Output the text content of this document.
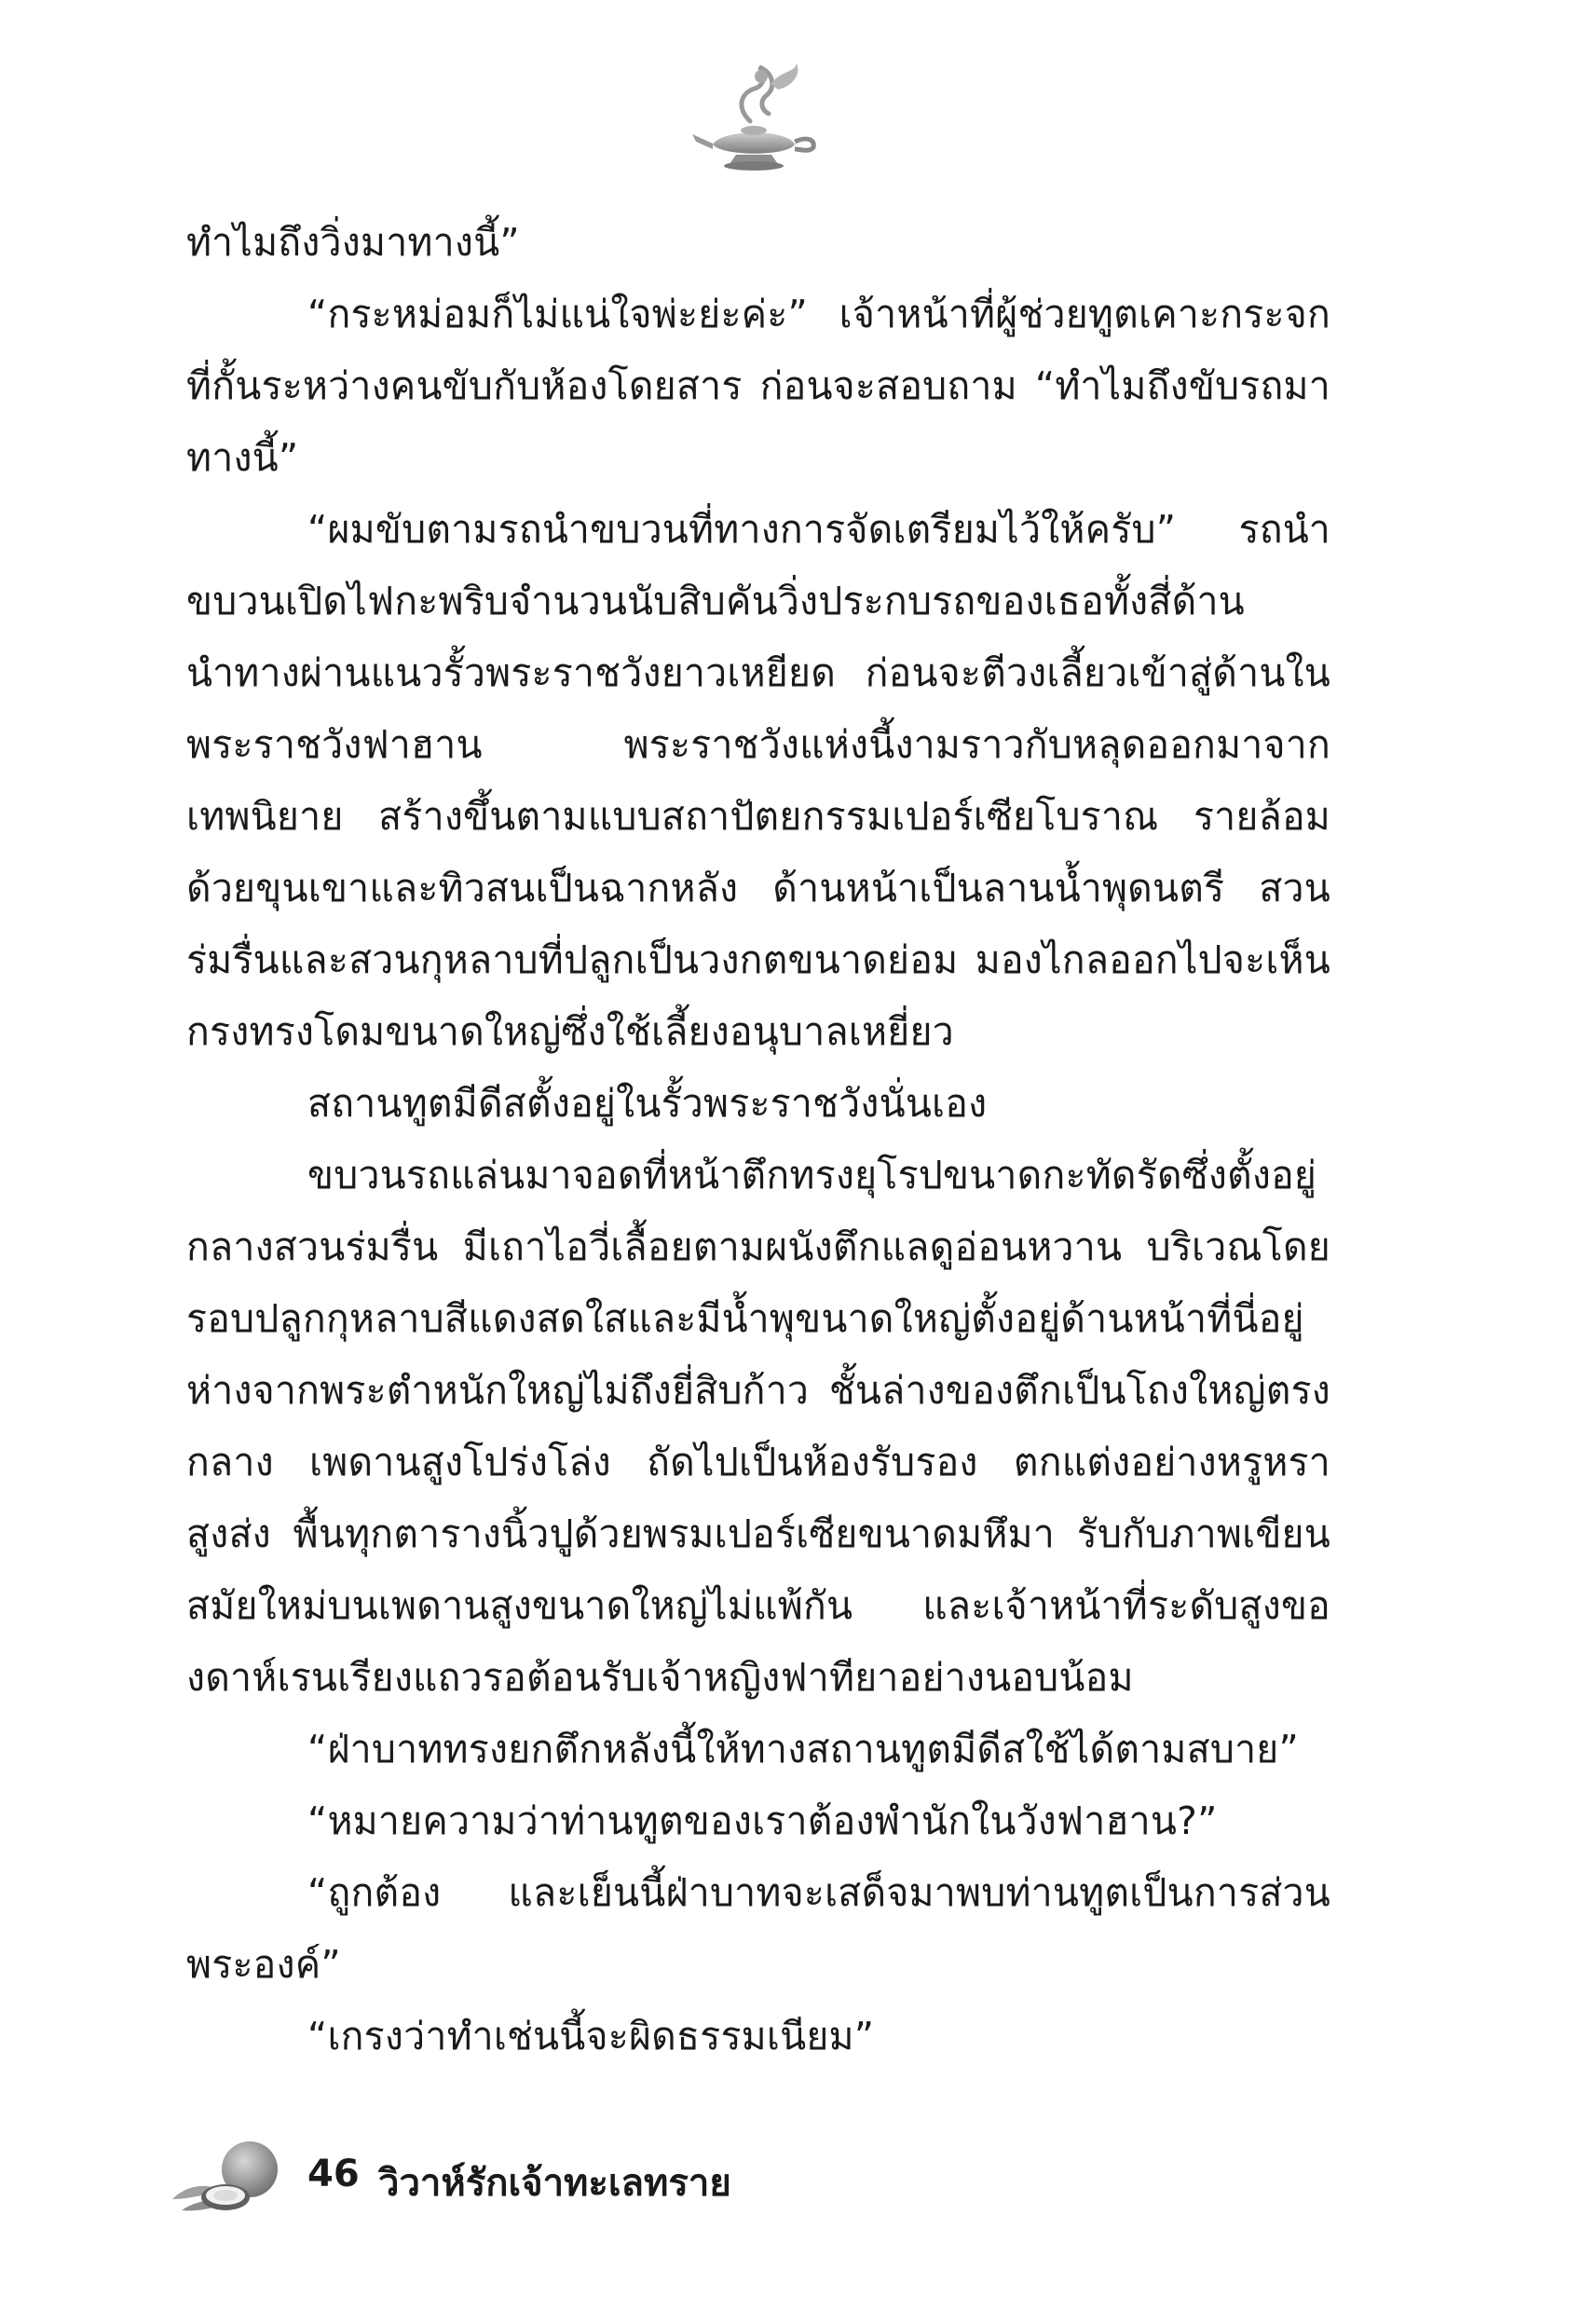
ทำไมถึงวิ่งมาทางนี้”

“กระหม่อมก็ไม่แน่ใจพ่ะย่ะค่ะ” เจ้าหน้าที่ผู้ช่วยทูตเคาะกระจกที่กั้นระหว่างคนขับกับห้องโดยสาร ก่อนจะสอบถาม “ทำไมถึงขับรถมาทางนี้”

“ผมขับตามรถนำขบวนที่ทางการจัดเตรียมไว้ให้ครับ” รถนำขบวนเปิดไฟกะพริบจำนวนนับสิบคันวิ่งประกบรถของเธอทั้งสี่ด้าน นำทางผ่านแนวรั้วพระราชวังยาวเหยียด ก่อนจะตีวงเลี้ยวเข้าสู่ด้านในพระราชวังฟาฮาน พระราชวังแห่งนี้งามราวกับหลุดออกมาจากเทพนิยาย สร้างขึ้นตามแบบสถาปัตยกรรมเปอร์เซียโบราณ รายล้อมด้วยขุนเขาและทิวสนเป็นฉากหลัง ด้านหน้าเป็นลานน้ำพุดนตรี สวนร่มรื่นและสวนกุหลาบที่ปลูกเป็นวงกตขนาดย่อม มองไกลออกไปจะเห็นกรงทรงโดมขนาดใหญ่ซึ่งใช้เลี้ยงอนุบาลเหยี่ยว

สถานทูตมีดีสตั้งอยู่ในรั้วพระราชวังนั่นเอง

ขบวนรถแล่นมาจอดที่หน้าตึกทรงยุโรปขนาดกะทัดรัดซึ่งตั้งอยู่กลางสวนร่มรื่น มีเถาไอวี่เลื้อยตามผนังตึกแลดูอ่อนหวาน บริเวณโดยรอบปลูกกุหลาบสีแดงสดใสและมีน้ำพุขนาดใหญ่ตั้งอยู่ด้านหน้าที่นี่อยู่ห่างจากพระตำหนักใหญ่ไม่ถึงยี่สิบก้าว ชั้นล่างของตึกเป็นโถงใหญ่ตรงกลาง เพดานสูงโปร่งโล่ง ถัดไปเป็นห้องรับรอง ตกแต่งอย่างหรูหราสูงส่ง พื้นทุกตารางนิ้วปูด้วยพรมเปอร์เซียขนาดมหึมา รับกับภาพเขียนสมัยใหม่บนเพดานสูงขนาดใหญ่ไม่แพ้กัน และเจ้าหน้าที่ระดับสูงของดาห์เรนเรียงแถวรอต้อนรับเจ้าหญิงฟาทียาอย่างนอบน้อม

“ฝ่าบาททรงยกตึกหลังนี้ให้ทางสถานทูตมีดีสใช้ได้ตามสบาย”

“หมายความว่าท่านทูตของเราต้องพำนักในวังฟาฮาน?”

“ถูกต้อง และเย็นนี้ฝ่าบาทจะเสด็จมาพบท่านทูตเป็นการส่วนพระองค์”

“เกรงว่าทำเช่นนี้จะผิดธรรมเนียม”

46 วิวาห์รักเจ้าทะเลทราย
